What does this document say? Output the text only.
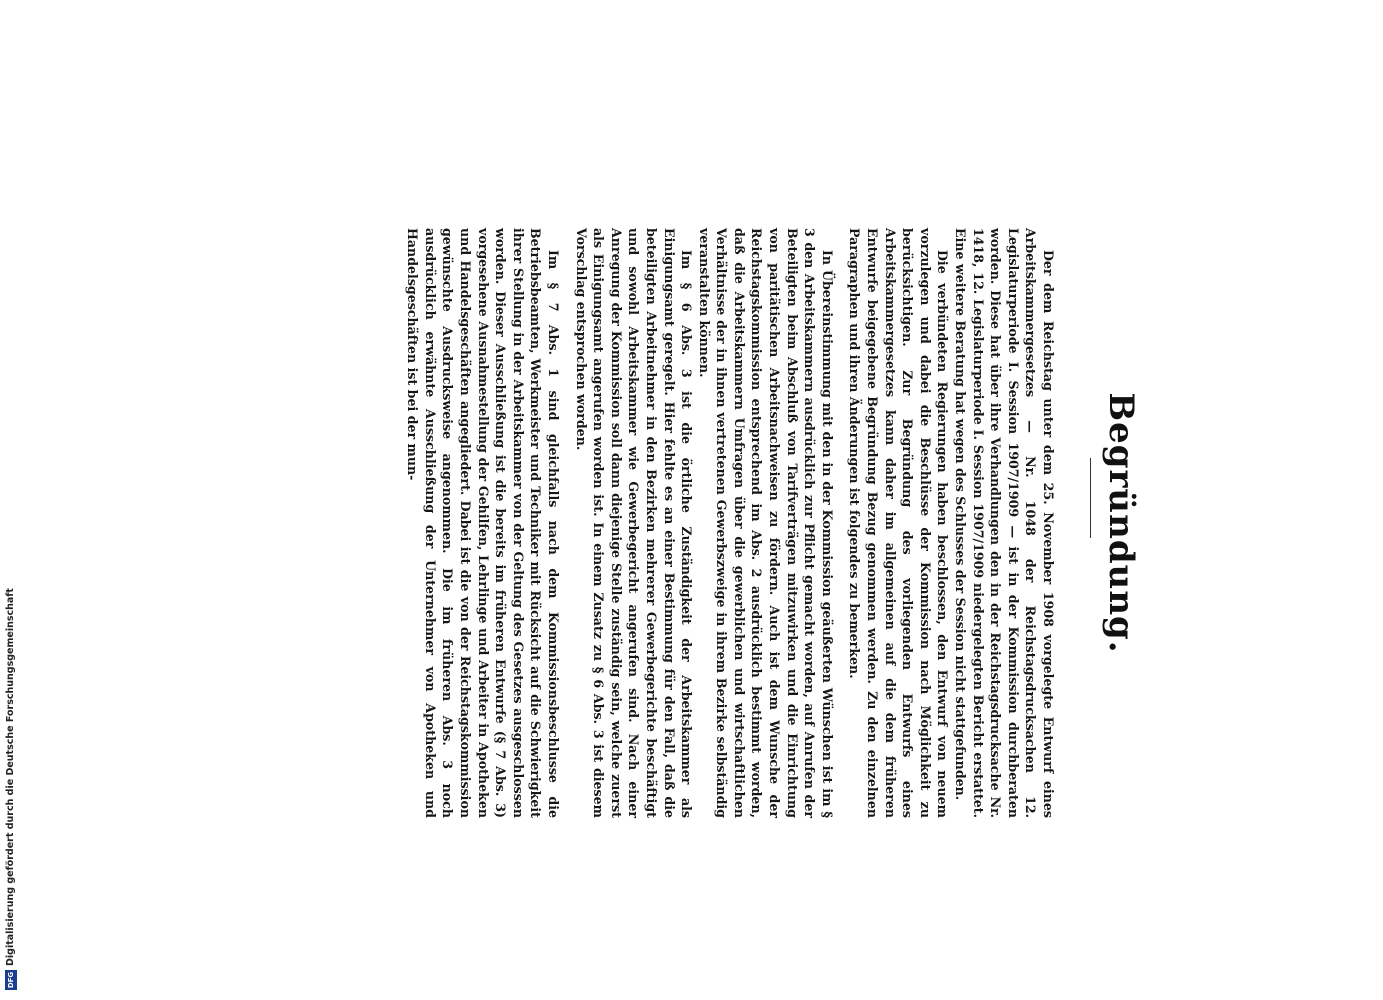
Begründung.

Der dem Reichstag unter dem 25. November 1908 vorgelegte Entwurf eines Arbeitskammergesetzes — Nr. 1048 der Reichstagsdrucksachen 12. Legislaturperiode I. Session 1907/1909 — ist in der Kommission durchberaten worden. Diese hat über ihre Verhandlungen den in der Reichstagsdrucksache Nr. 1418, 12. Legislaturperiode I. Session 1907/1909 niedergelegten Bericht erstattet. Eine weitere Beratung hat wegen des Schlusses der Session nicht stattgefunden.

Die verbündeten Regierungen haben beschlossen, den Entwurf von neuem vorzulegen und dabei die Beschlüsse der Kommission nach Möglichkeit zu berücksichtigen. Zur Begründung des vorliegenden Entwurfs eines Arbeitskammergesetzes kann daher im allgemeinen auf die dem früheren Entwurfe beigegebene Begründung Bezug genommen werden. Zu den einzelnen Paragraphen und ihren Änderungen ist folgendes zu bemerken.

In Übereinstimmung mit den in der Kommission geäußerten Wünschen ist im § 3 den Arbeitskammern ausdrücklich zur Pflicht gemacht worden, auf Anrufen der Beteiligten beim Abschluß von Tarifverträgen mitzuwirken und die Einrichtung von paritätischen Arbeitsnachweisen zu fördern. Auch ist dem Wunsche der Reichstagskommission entsprechend im Abs. 2 ausdrücklich bestimmt worden, daß die Arbeitskammern Umfragen über die gewerblichen und wirtschaftlichen Verhältnisse der in ihnen vertretenen Gewerbszweige in ihrem Bezirke selbständig veranstalten können.

Im § 6 Abs. 3 ist die örtliche Zuständigkeit der Arbeitskammer als Einigungsamt geregelt. Hier fehlte es an einer Bestimmung für den Fall, daß die beteiligten Arbeitnehmer in den Bezirken mehrerer Gewerbegerichte beschäftigt und sowohl Arbeitskammer wie Gewerbegericht angerufen sind. Nach einer Anregung der Kommission soll dann diejenige Stelle zuständig sein, welche zuerst als Einigungsamt angerufen worden ist. In einem Zusatz zu § 6 Abs. 3 ist diesem Vorschlag entsprochen worden.

Im § 7 Abs. 1 sind gleichfalls nach dem Kommissionsbeschlusse die Betriebsbeamten, Werkmeister und Techniker mit Rücksicht auf die Schwierigkeit ihrer Stellung in der Arbeitskammer von der Geltung des Gesetzes ausgeschlossen worden. Dieser Ausschließung ist die bereits im früheren Entwurfe (§ 7 Abs. 3) vorgesehene Ausnahmestellung der Gehilfen, Lehrlinge und Arbeiter in Apotheken und Handelsgeschäften angegliedert. Dabei ist die von der Reichstagskommission gewünschte Ausdrucksweise angenommen. Die im früheren Abs. 3 noch ausdrücklich erwähnte Ausschließung der Unternehmer von Apotheken und Handelsgeschäften ist bei der mun-

DFG
Digitalisierung gefördert durch die Deutsche Forschungsgemeinschaft
